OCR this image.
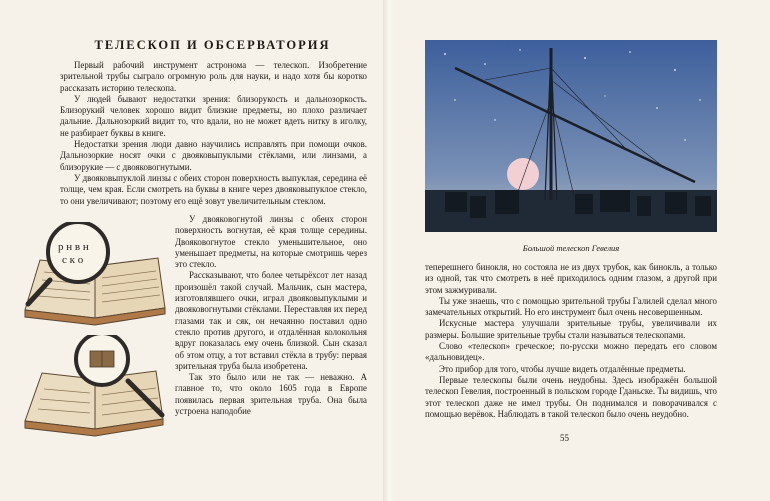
ТЕЛЕСКОП И ОБСЕРВАТОРИЯ

Первый рабочий инструмент астронома — телескоп. Изобретение зрительной трубы сыграло огромную роль для науки, и надо хотя бы коротко рассказать историю телескопа.

У людей бывают недостатки зрения: близорукость и дальнозоркость. Близорукий человек хорошо видит близкие предметы, но плохо различает дальние. Дальнозоркий видит то, что вдали, но не может вдеть нитку в иголку, не разбирает буквы в книге.

Недостатки зрения люди давно научились исправлять при помощи очков. Дальнозоркие носят очки с двояковыпуклыми стёклами, или линзами, а близорукие — с двояковогнутыми.

У двояковыпуклой линзы с обеих сторон поверхность выпуклая, середина её толще, чем края. Если смотреть на буквы в книге через двояковыпуклое стекло, то они увеличивают; поэтому его ещё зовут увеличительным стеклом.

У двояковогнутой линзы с обеих сторон поверхность вогнутая, её края толще середины. Двояковогнутое стекло уменьшительное, оно уменьшает предметы, на которые смотришь через это стекло.

Рассказывают, что более четырёхсот лет назад произошёл такой случай. Мальчик, сын мастера, изготовлявшего очки, играл двояковыпуклыми и двояковогнутыми стёклами. Переставляя их перед глазами так и сяк, он нечаянно поставил одно стекло против другого, и отдалённая колокольня вдруг показалась ему очень близкой. Сын сказал об этом отцу, а тот вставил стёкла в трубу: первая зрительная труба была изобретена.

Так это было или не так — неважно. А главное то, что около 1605 года в Европе появилась первая зрительная труба. Она была устроена наподобие

р н в н с к о
Большой телескоп Гевелия

теперешнего бинокля, но состояла не из двух трубок, как бинокль, а только из одной, так что смотреть в неё приходилось одним глазом, а другой при этом зажмуривали.

Ты уже знаешь, что с помощью зрительной трубы Галилей сделал много замечательных открытий. Но его инструмент был очень несовершенным.

Искусные мастера улучшали зрительные трубы, увеличивали их размеры. Большие зрительные трубы стали называться телескопами.

Слово «телескоп» греческое; по-русски можно передать его словом «дальновидец».

Это прибор для того, чтобы лучше видеть отдалённые предметы.

Первые телескопы были очень неудобны. Здесь изображён большой телескоп Гевелия, построенный в польском городе Гданьске. Ты видишь, что этот телескоп даже не имел трубы. Он поднимался и поворачивался с помощью верёвок. Наблюдать в такой телескоп было очень неудобно.

55
